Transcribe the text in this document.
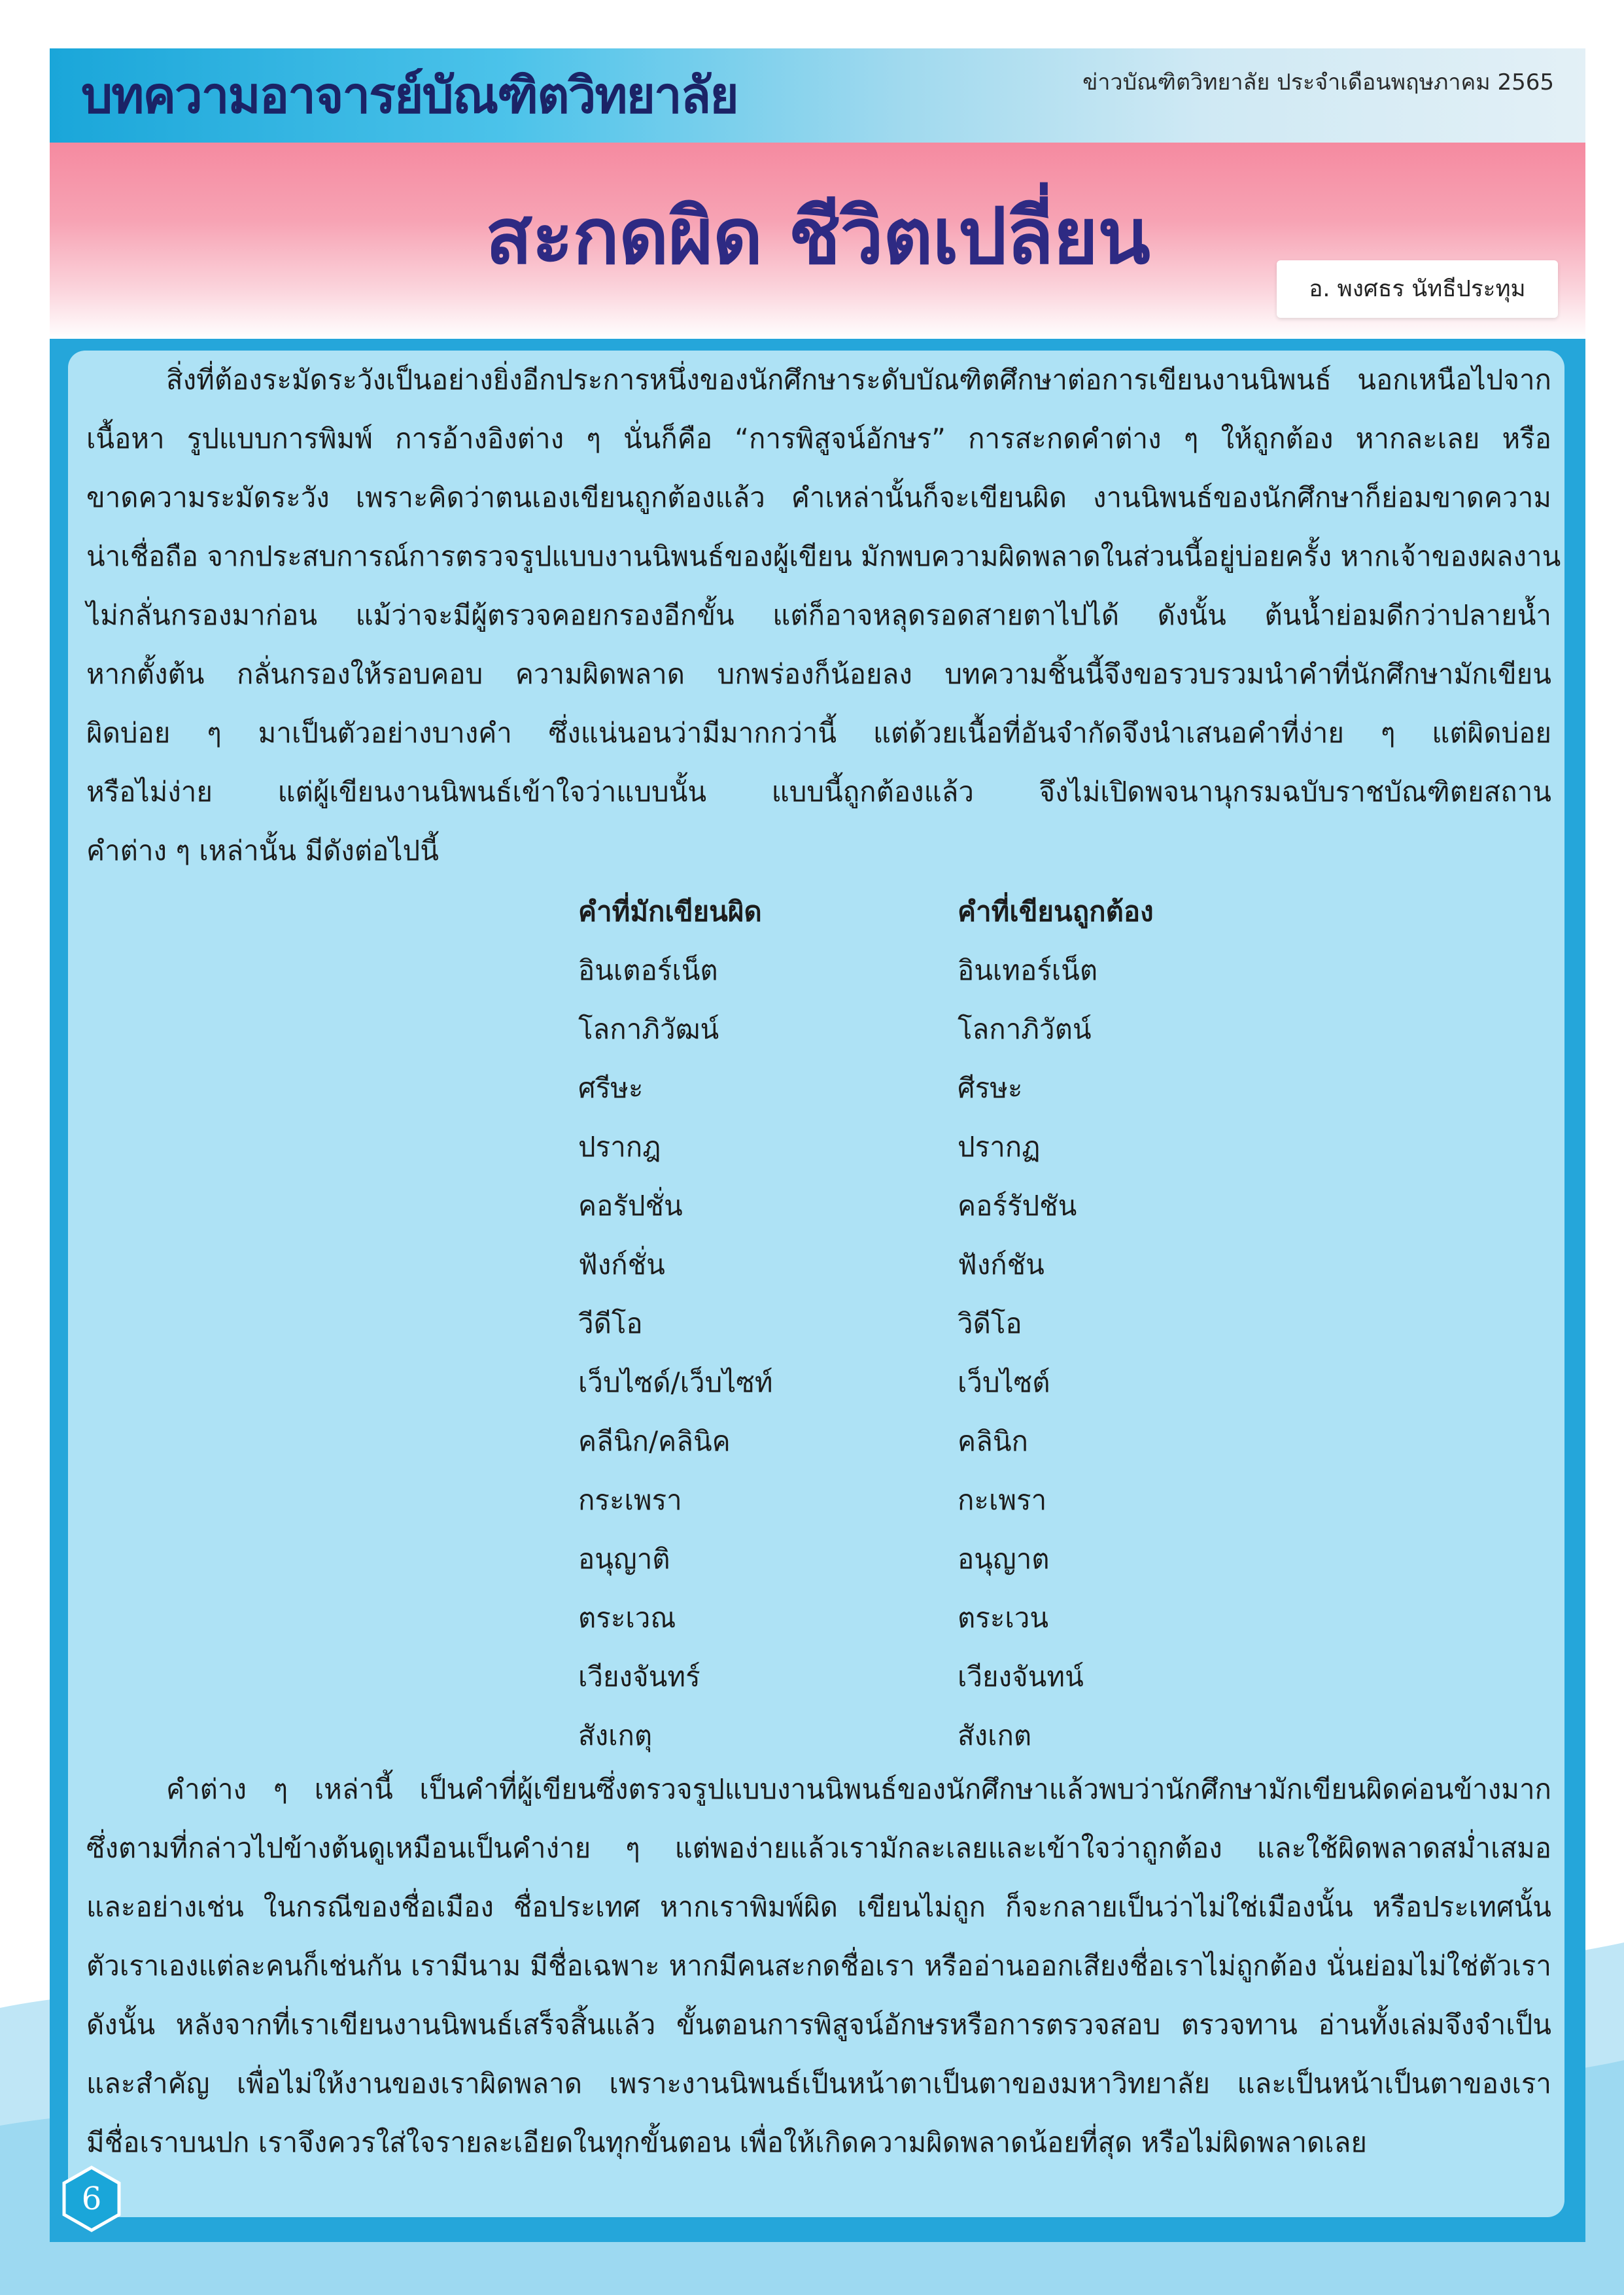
บทความอาจารย์บัณฑิตวิทยาลัย	ข่าวบัณฑิตวิทยาลัย ประจำเดือนพฤษภาคม 2565
สะกดผิด ชีวิตเปลี่ยน
อ. พงศธร นัทธีประทุม
สิ่งที่ต้องระมัดระวังเป็นอย่างยิ่งอีกประการหนึ่งของนักศึกษาระดับบัณฑิตศึกษาต่อการเขียนงานนิพนธ์ นอกเหนือไปจาก
เนื้อหา รูปแบบการพิมพ์ การอ้างอิงต่าง ๆ นั่นก็คือ “การพิสูจน์อักษร” การสะกดคำต่าง ๆ ให้ถูกต้อง หากละเลย หรือ
ขาดความระมัดระวัง เพราะคิดว่าตนเองเขียนถูกต้องแล้ว คำเหล่านั้นก็จะเขียนผิด งานนิพนธ์ของนักศึกษาก็ย่อมขาดความ
น่าเชื่อถือ จากประสบการณ์การตรวจรูปแบบงานนิพนธ์ของผู้เขียน มักพบความผิดพลาดในส่วนนี้อยู่บ่อยครั้ง หากเจ้าของผลงาน
ไม่กลั่นกรองมาก่อน แม้ว่าจะมีผู้ตรวจคอยกรองอีกขั้น แต่ก็อาจหลุดรอดสายตาไปได้ ดังนั้น ต้นน้ำย่อมดีกว่าปลายน้ำ
หากตั้งต้น กลั่นกรองให้รอบคอบ ความผิดพลาด บกพร่องก็น้อยลง บทความชิ้นนี้จึงขอรวบรวมนำคำที่นักศึกษามักเขียน
ผิดบ่อย ๆ มาเป็นตัวอย่างบางคำ ซึ่งแน่นอนว่ามีมากกว่านี้ แต่ด้วยเนื้อที่อันจำกัดจึงนำเสนอคำที่ง่าย ๆ แต่ผิดบ่อย
หรือไม่ง่าย แต่ผู้เขียนงานนิพนธ์เข้าใจว่าแบบนั้น แบบนี้ถูกต้องแล้ว จึงไม่เปิดพจนานุกรมฉบับราชบัณฑิตยสถาน
คำต่าง ๆ เหล่านั้น มีดังต่อไปนี้
คำที่มักเขียนผิด	คำที่เขียนถูกต้อง
อินเตอร์เน็ต	อินเทอร์เน็ต
โลกาภิวัฒน์	โลกาภิวัตน์
ศรีษะ	ศีรษะ
ปรากฎ	ปรากฏ
คอรัปชั่น	คอร์รัปชัน
ฟังก์ชั่น	ฟังก์ชัน
วีดีโอ	วิดีโอ
เว็บไซด์/เว็บไซท์	เว็บไซต์
คลีนิก/คลินิค	คลินิก
กระเพรา	กะเพรา
อนุญาติ	อนุญาต
ตระเวณ	ตระเวน
เวียงจันทร์	เวียงจันทน์
สังเกตุ	สังเกต
คำต่าง ๆ เหล่านี้ เป็นคำที่ผู้เขียนซึ่งตรวจรูปแบบงานนิพนธ์ของนักศึกษาแล้วพบว่านักศึกษามักเขียนผิดค่อนข้างมาก
ซึ่งตามที่กล่าวไปข้างต้นดูเหมือนเป็นคำง่าย ๆ แต่พอง่ายแล้วเรามักละเลยและเข้าใจว่าถูกต้อง และใช้ผิดพลาดสม่ำเสมอ
และอย่างเช่น ในกรณีของชื่อเมือง ชื่อประเทศ หากเราพิมพ์ผิด เขียนไม่ถูก ก็จะกลายเป็นว่าไม่ใช่เมืองนั้น หรือประเทศนั้น
ตัวเราเองแต่ละคนก็เช่นกัน เรามีนาม มีชื่อเฉพาะ หากมีคนสะกดชื่อเรา หรืออ่านออกเสียงชื่อเราไม่ถูกต้อง นั่นย่อมไม่ใช่ตัวเรา
ดังนั้น หลังจากที่เราเขียนงานนิพนธ์เสร็จสิ้นแล้ว ขั้นตอนการพิสูจน์อักษรหรือการตรวจสอบ ตรวจทาน อ่านทั้งเล่มจึงจำเป็น
และสำคัญ เพื่อไม่ให้งานของเราผิดพลาด เพราะงานนิพนธ์เป็นหน้าตาเป็นตาของมหาวิทยาลัย และเป็นหน้าเป็นตาของเรา
มีชื่อเราบนปก เราจึงควรใส่ใจรายละเอียดในทุกขั้นตอน เพื่อให้เกิดความผิดพลาดน้อยที่สุด หรือไม่ผิดพลาดเลย
6
